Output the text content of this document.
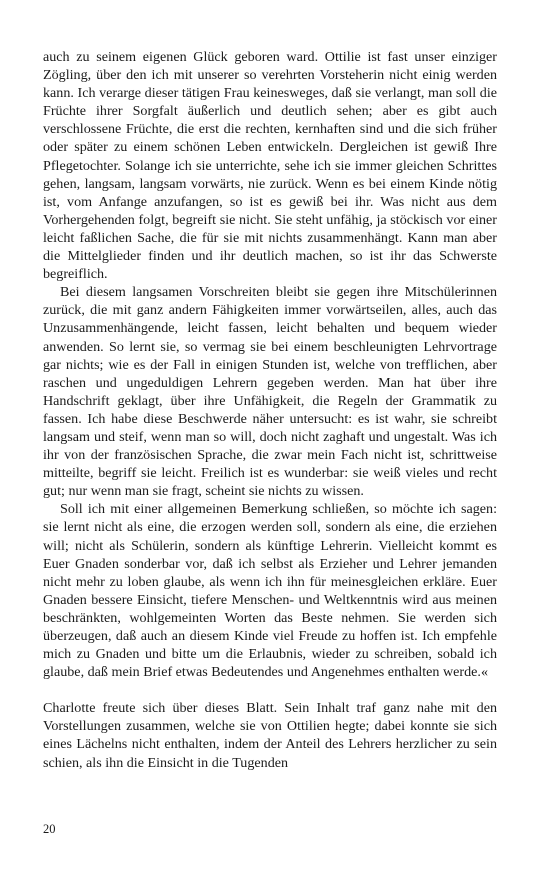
auch zu seinem eigenen Glück geboren ward. Ottilie ist fast unser einziger Zögling, über den ich mit unserer so verehrten Vorsteherin nicht einig werden kann. Ich verarge dieser tätigen Frau keinesweges, daß sie verlangt, man soll die Früchte ihrer Sorgfalt äußerlich und deutlich sehen; aber es gibt auch verschlossene Früchte, die erst die rechten, kernhaften sind und die sich früher oder später zu einem schönen Leben entwickeln. Dergleichen ist gewiß Ihre Pflegetochter. Solange ich sie unterrichte, sehe ich sie immer gleichen Schrittes gehen, langsam, langsam vorwärts, nie zurück. Wenn es bei einem Kinde nötig ist, vom Anfange anzufangen, so ist es gewiß bei ihr. Was nicht aus dem Vorhergehenden folgt, begreift sie nicht. Sie steht unfähig, ja stöckisch vor einer leicht faßlichen Sache, die für sie mit nichts zusammenhängt. Kann man aber die Mittelglieder finden und ihr deutlich machen, so ist ihr das Schwerste begreiflich.

Bei diesem langsamen Vorschreiten bleibt sie gegen ihre Mitschülerinnen zurück, die mit ganz andern Fähigkeiten immer vorwärtseilen, alles, auch das Unzusammenhängende, leicht fassen, leicht behalten und bequem wieder anwenden. So lernt sie, so vermag sie bei einem beschleunigten Lehrvortrage gar nichts; wie es der Fall in einigen Stunden ist, welche von trefflichen, aber raschen und ungeduldigen Lehrern gegeben werden. Man hat über ihre Handschrift geklagt, über ihre Unfähigkeit, die Regeln der Grammatik zu fassen. Ich habe diese Beschwerde näher untersucht: es ist wahr, sie schreibt langsam und steif, wenn man so will, doch nicht zaghaft und ungestalt. Was ich ihr von der französischen Sprache, die zwar mein Fach nicht ist, schrittweise mitteilte, begriff sie leicht. Freilich ist es wunderbar: sie weiß vieles und recht gut; nur wenn man sie fragt, scheint sie nichts zu wissen.

Soll ich mit einer allgemeinen Bemerkung schließen, so möchte ich sagen: sie lernt nicht als eine, die erzogen werden soll, sondern als eine, die erziehen will; nicht als Schülerin, sondern als künftige Lehrerin. Vielleicht kommt es Euer Gnaden sonderbar vor, daß ich selbst als Erzieher und Lehrer jemanden nicht mehr zu loben glaube, als wenn ich ihn für meinesgleichen erkläre. Euer Gnaden bessere Einsicht, tiefere Menschen- und Weltkenntnis wird aus meinen beschränkten, wohlgemeinten Worten das Beste nehmen. Sie werden sich überzeugen, daß auch an diesem Kinde viel Freude zu hoffen ist. Ich empfehle mich zu Gnaden und bitte um die Erlaubnis, wieder zu schreiben, sobald ich glaube, daß mein Brief etwas Bedeutendes und Angenehmes enthalten werde.«

Charlotte freute sich über dieses Blatt. Sein Inhalt traf ganz nahe mit den Vorstellungen zusammen, welche sie von Ottilien hegte; dabei konnte sie sich eines Lächelns nicht enthalten, indem der Anteil des Lehrers herzlicher zu sein schien, als ihn die Einsicht in die Tugenden

20
